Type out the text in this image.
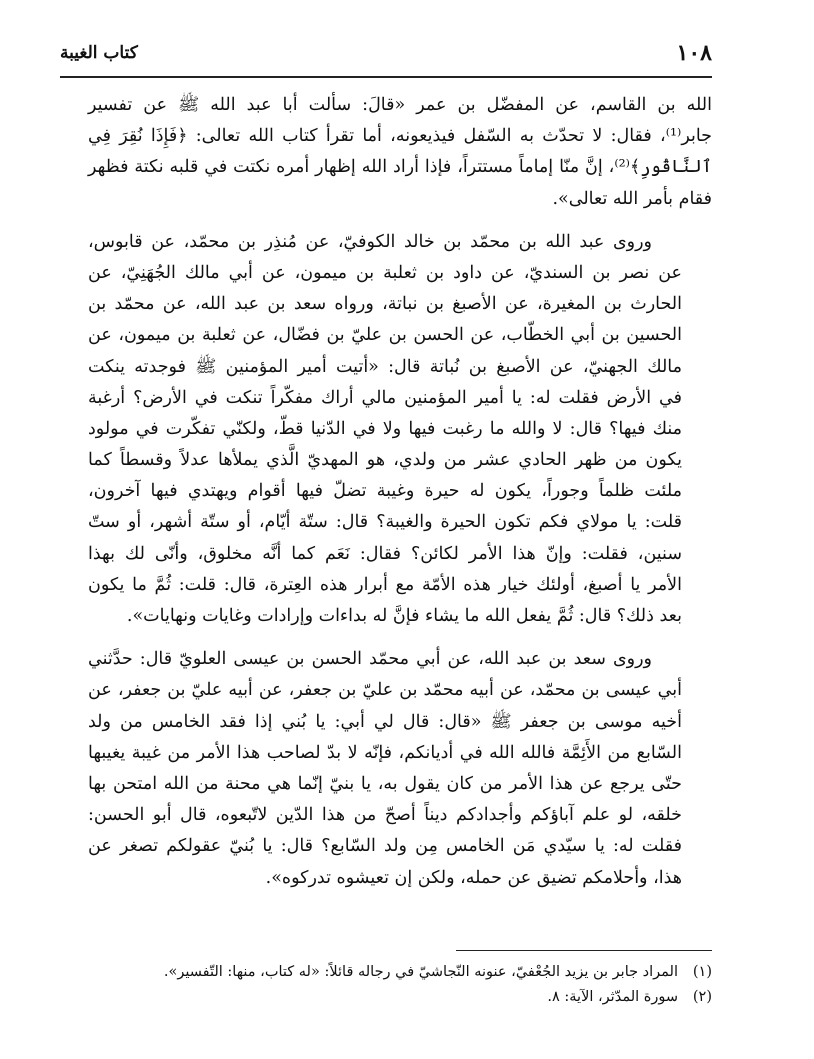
١٠٨
كتاب الغيبة

الله بن القاسم، عن المفضّل بن عمر «قالَ: سألت أبا عبد الله ﷺ عن تفسير
جابر⁽¹⁾، فقال: لا تحدّث به السّفل فيذيعونه، أما تقرأ كتاب الله تعالى: ﴿فَإِذَا نُقِرَ فِي
ٱلنَّاقُورِ﴾⁽²⁾، إنَّ منّا إماماً مستتراً، فإذا أراد الله إظهار أمره نكتت في قلبه نكتة فظهر
فقام بأمر الله تعالى».

وروى عبد الله بن محمّد بن خالد الكوفيّ، عن مُنذِر بن محمّد، عن قابوس،
عن نصر بن السنديّ، عن داود بن ثعلبة بن ميمون، عن أبي مالك الجُهَنِيّ، عن
الحارث بن المغيرة، عن الأصبغ بن نباتة، ورواه سعد بن عبد الله، عن محمّد بن
الحسين بن أبي الخطّاب، عن الحسن بن عليّ بن فضّال، عن ثعلبة بن ميمون، عن
مالك الجهنيّ، عن الأصبغ بن نُباتة قال: «أتيت أمير المؤمنين ﷺ فوجدته ينكت
في الأرض فقلت له: يا أمير المؤمنين مالي أراك مفكّراً تنكت في الأرض؟ أرغبة
منك فيها؟ قال: لا والله ما رغبت فيها ولا في الدّنيا قطّ، ولكنّي تفكّرت في مولود
يكون من ظهر الحادي عشر من ولدي، هو المهديّ الَّذي يملأها عدلاً وقسطاً كما
ملئت ظلماً وجوراً، يكون له حيرة وغيبة تضلّ فيها أقوام ويهتدي فيها آخرون،
قلت: يا مولاي فكم تكون الحيرة والغيبة؟ قال: ستّة أيّام، أو ستّة أشهر، أو ستّ
سنين، فقلت: وإنّ هذا الأمر لكائن؟ فقال: نَعَم كما أنَّه مخلوق، وأنّى لك بهذا
الأمر يا أصبغ، أولئك خيار هذه الأمّة مع أبرار هذه العِترة، قال: قلت: ثُمَّ ما يكون
بعد ذلك؟ قال: ثُمَّ يفعل الله ما يشاء فإنَّ له بداءات وإرادات وغايات ونهايات».

وروى سعد بن عبد الله، عن أبي محمّد الحسن بن عيسى العلويّ قال: حدَّثني
أبي عيسى بن محمّد، عن أبيه محمّد بن عليّ بن جعفر، عن أبيه عليّ بن جعفر، عن
أخيه موسى بن جعفر ﷺ «قال: قال لي أبي: يا بُني إذا فقد الخامس من ولد
السّابع من الأَئِمَّة فالله الله في أديانكم، فإنّه لا بدّ لصاحب هذا الأمر من غيبة يغيبها
حتّى يرجع عن هذا الأمر من كان يقول به، يا بنيّ إنّما هي محنة من الله امتحن بها
خلقه، لو علم آباؤكم وأجدادكم ديناً أصحّ من هذا الدّين لاتّبعوه، قال أبو الحسن:
فقلت له: يا سيّدي مَن الخامس مِن ولد السّابع؟ قال: يا بُنيّ عقولكم تصغر عن
هذا، وأحلامكم تضيق عن حمله، ولكن إن تعيشوه تدركوه».

(١)
المراد جابر بن يزيد الجُعْفيّ، عنونه النّجاشيّ في رجاله قائلاً: «له كتاب، منها: التّفسير».
(٢)
سورة المدّثر، الآية: ٨.
